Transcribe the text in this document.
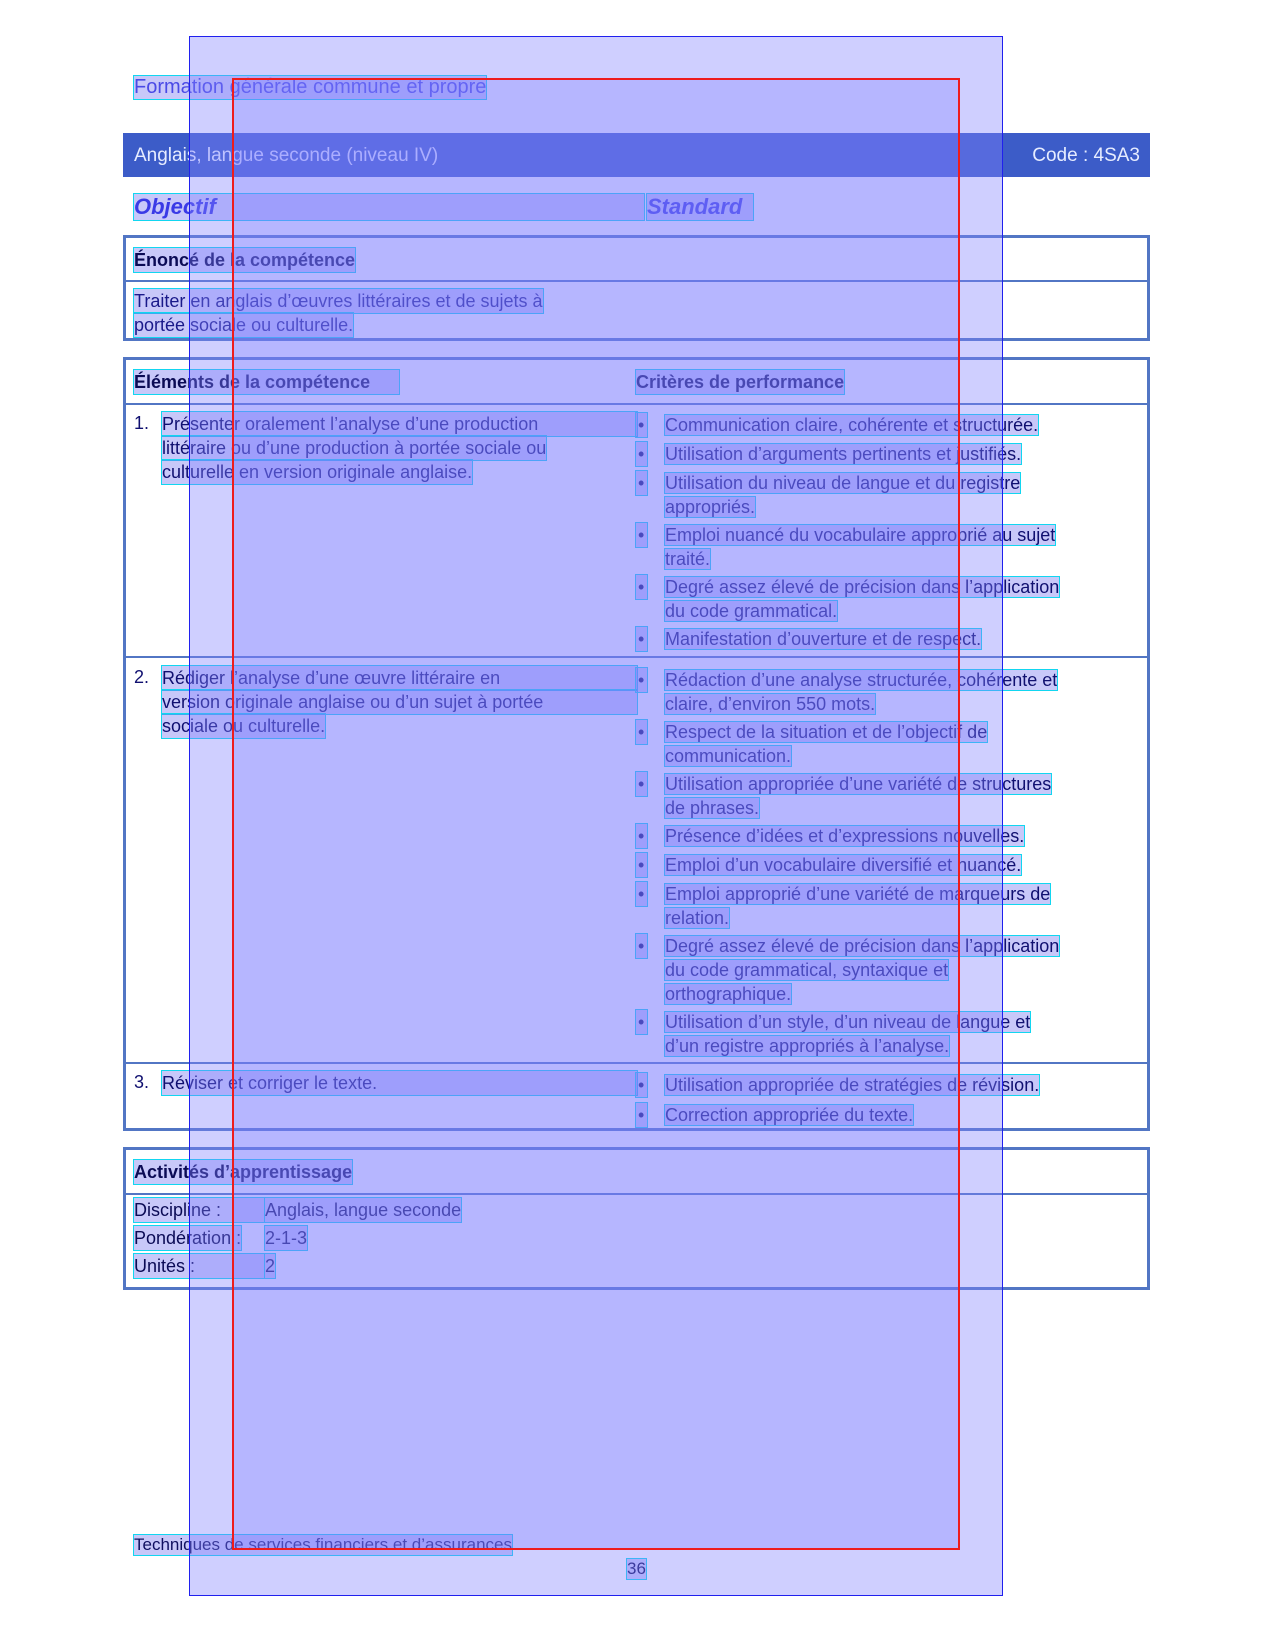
Formation générale commune et propre
Anglais, langue seconde (niveau IV)	Code : 4SA3
Objectif	Standard
Énoncé de la compétence
Traiter en anglais d’œuvres littéraires et de sujets à
portée sociale ou culturelle.
Éléments de la compétence	Critères de performance
1. Présenter oralement l’analyse d’une production
littéraire ou d’une production à portée sociale ou
culturelle en version originale anglaise.
•
Communication claire, cohérente et structurée.
•
Utilisation d’arguments pertinents et justifiés.
•
Utilisation du niveau de langue et du registre
appropriés.
•
Emploi nuancé du vocabulaire approprié au sujet
traité.
•
Degré assez élevé de précision dans l’application
du code grammatical.
•
Manifestation d’ouverture et de respect.
2. Rédiger l’analyse d’une œuvre littéraire en
version originale anglaise ou d’un sujet à portée
sociale ou culturelle.
•
Rédaction d’une analyse structurée, cohérente et
claire, d’environ 550 mots.
•
Respect de la situation et de l’objectif de
communication.
•
Utilisation appropriée d’une variété de structures
de phrases.
•
Présence d’idées et d’expressions nouvelles.
•
Emploi d’un vocabulaire diversifié et nuancé.
•
Emploi approprié d’une variété de marqueurs de
relation.
•
Degré assez élevé de précision dans l’application
du code grammatical, syntaxique et
orthographique.
•
Utilisation d’un style, d’un niveau de langue et
d’un registre appropriés à l’analyse.
3. Réviser et corriger le texte.
•	Utilisation appropriée de stratégies de révision.
•
Correction appropriée du texte.
Activités d’apprentissage
Discipline :	Anglais, langue seconde
Pondération : 2-1-3
Unités :	2
Techniques de services financiers et d’assurances
36
